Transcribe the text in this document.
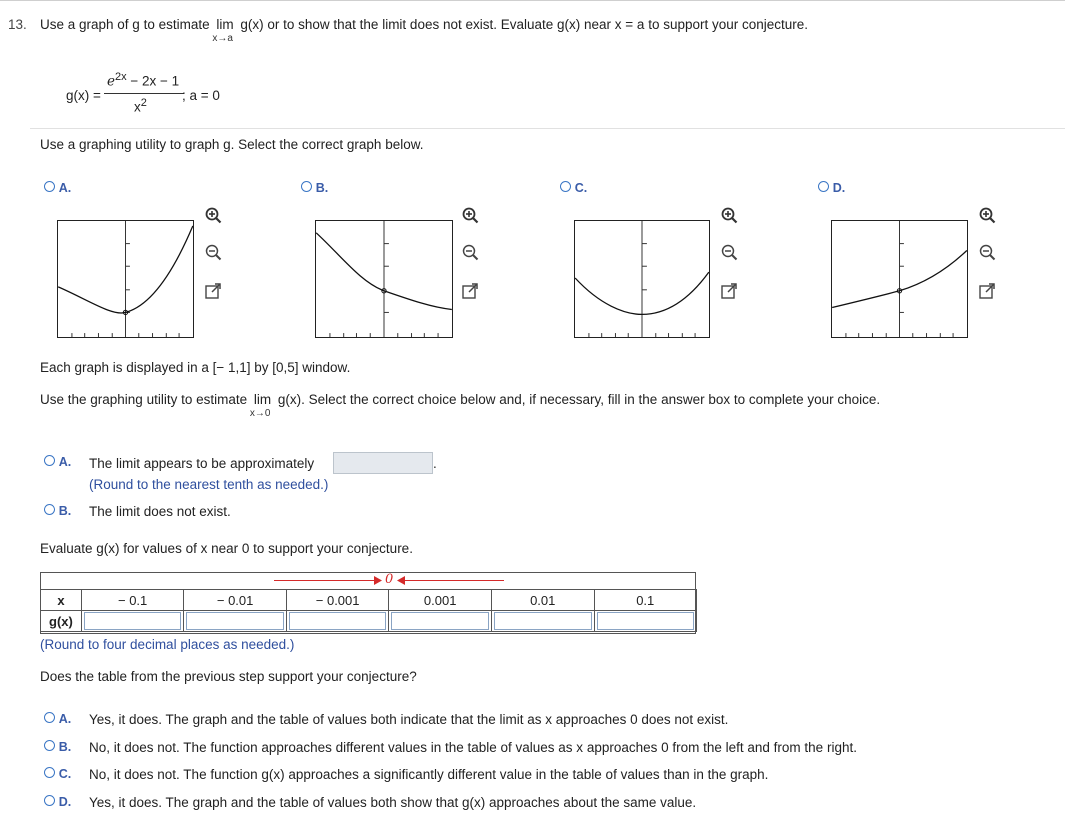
13. Use a graph of g to estimate lim
x→a
g(x) or to show that the limit does not exist. Evaluate g(x) near x = a to support your conjecture.
g(x) =
$e^{2x} - 2x - 1$
$x^2$	; a = 0
Use a graphing utility to graph g. Select the correct graph below.
A.	B.	C.	D.
Each graph is displayed in a [− 1,1] by [0,5] window.
Use the graphing utility to estimate lim
x→0
g(x). Select the correct choice below and, if necessary, fill in the answer box to complete your choice.
A. The limit appears to be approximately	.
(Round to the nearest tenth as needed.)
B. The limit does not exist.
Evaluate g(x) for values of x near 0 to support your conjecture.
0
x	− 0.1	− 0.01	− 0.001	0.001	0.01	0.1
g(x)	

(Round to four decimal places as needed.)
Does the table from the previous step support your conjecture?
A. Yes, it does. The graph and the table of values both indicate that the limit as x approaches 0 does not exist.
B. No, it does not. The function approaches different values in the table of values as x approaches 0 from the left and from the right.
C. No, it does not. The function g(x) approaches a significantly different value in the table of values than in the graph.
D. Yes, it does. The graph and the table of values both show that g(x) approaches about the same value.
